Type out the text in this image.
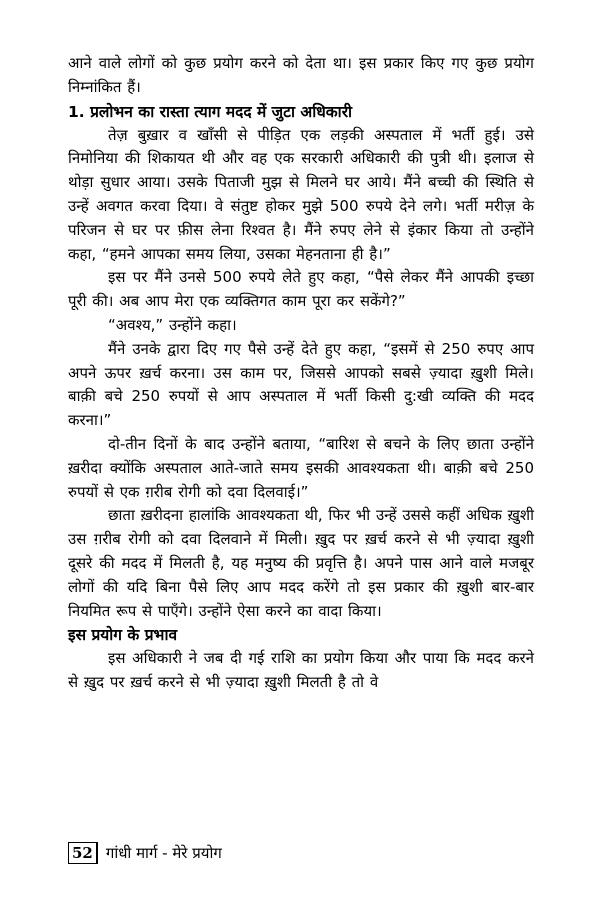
आने वाले लोगों को कुछ प्रयोग करने को देता था। इस प्रकार किए गए कुछ प्रयोग निम्नांकित हैं।

1. प्रलोभन का रास्ता त्याग मदद में जुटा अधिकारी

तेज़ बुख़ार व खाँसी से पीड़ित एक लड़की अस्पताल में भर्ती हुई। उसे निमोनिया की शिकायत थी और वह एक सरकारी अधिकारी की पुत्री थी। इलाज से थोड़ा सुधार आया। उसके पिताजी मुझ से मिलने घर आये। मैंने बच्ची की स्थिति से उन्हें अवगत करवा दिया। वे संतुष्ट होकर मुझे 500 रुपये देने लगे। भर्ती मरीज़ के परिजन से घर पर फ़ीस लेना रिश्वत है। मैंने रुपए लेने से इंकार किया तो उन्होंने कहा, “हमने आपका समय लिया, उसका मेहनताना ही है।”

इस पर मैंने उनसे 500 रुपये लेते हुए कहा, “पैसे लेकर मैंने आपकी इच्छा पूरी की। अब आप मेरा एक व्यक्तिगत काम पूरा कर सकेंगे?”

“अवश्य,” उन्होंने कहा।

मैंने उनके द्वारा दिए गए पैसे उन्हें देते हुए कहा, “इसमें से 250 रुपए आप अपने ऊपर ख़र्च करना। उस काम पर, जिससे आपको सबसे ज़्यादा ख़ुशी मिले। बाक़ी बचे 250 रुपयों से आप अस्पताल में भर्ती किसी दु:खी व्यक्ति की मदद करना।”

दो-तीन दिनों के बाद उन्होंने बताया, “बारिश से बचने के लिए छाता उन्होंने ख़रीदा क्योंकि अस्पताल आते-जाते समय इसकी आवश्यकता थी। बाक़ी बचे 250 रुपयों से एक ग़रीब रोगी को दवा दिलवाई।”

छाता ख़रीदना हालांकि आवश्यकता थी, फिर भी उन्हें उससे कहीं अधिक ख़ुशी उस ग़रीब रोगी को दवा दिलवाने में मिली। ख़ुद पर ख़र्च करने से भी ज़्यादा ख़ुशी दूसरे की मदद में मिलती है, यह मनुष्य की प्रवृत्ति है। अपने पास आने वाले मजबूर लोगों की यदि बिना पैसे लिए आप मदद करेंगे तो इस प्रकार की ख़ुशी बार-बार नियमित रूप से पाएँगे। उन्होंने ऐसा करने का वादा किया।

इस प्रयोग के प्रभाव

इस अधिकारी ने जब दी गई राशि का प्रयोग किया और पाया कि मदद करने से ख़ुद पर ख़र्च करने से भी ज़्यादा ख़ुशी मिलती है तो वे

52 गांधी मार्ग - मेरे प्रयोग
